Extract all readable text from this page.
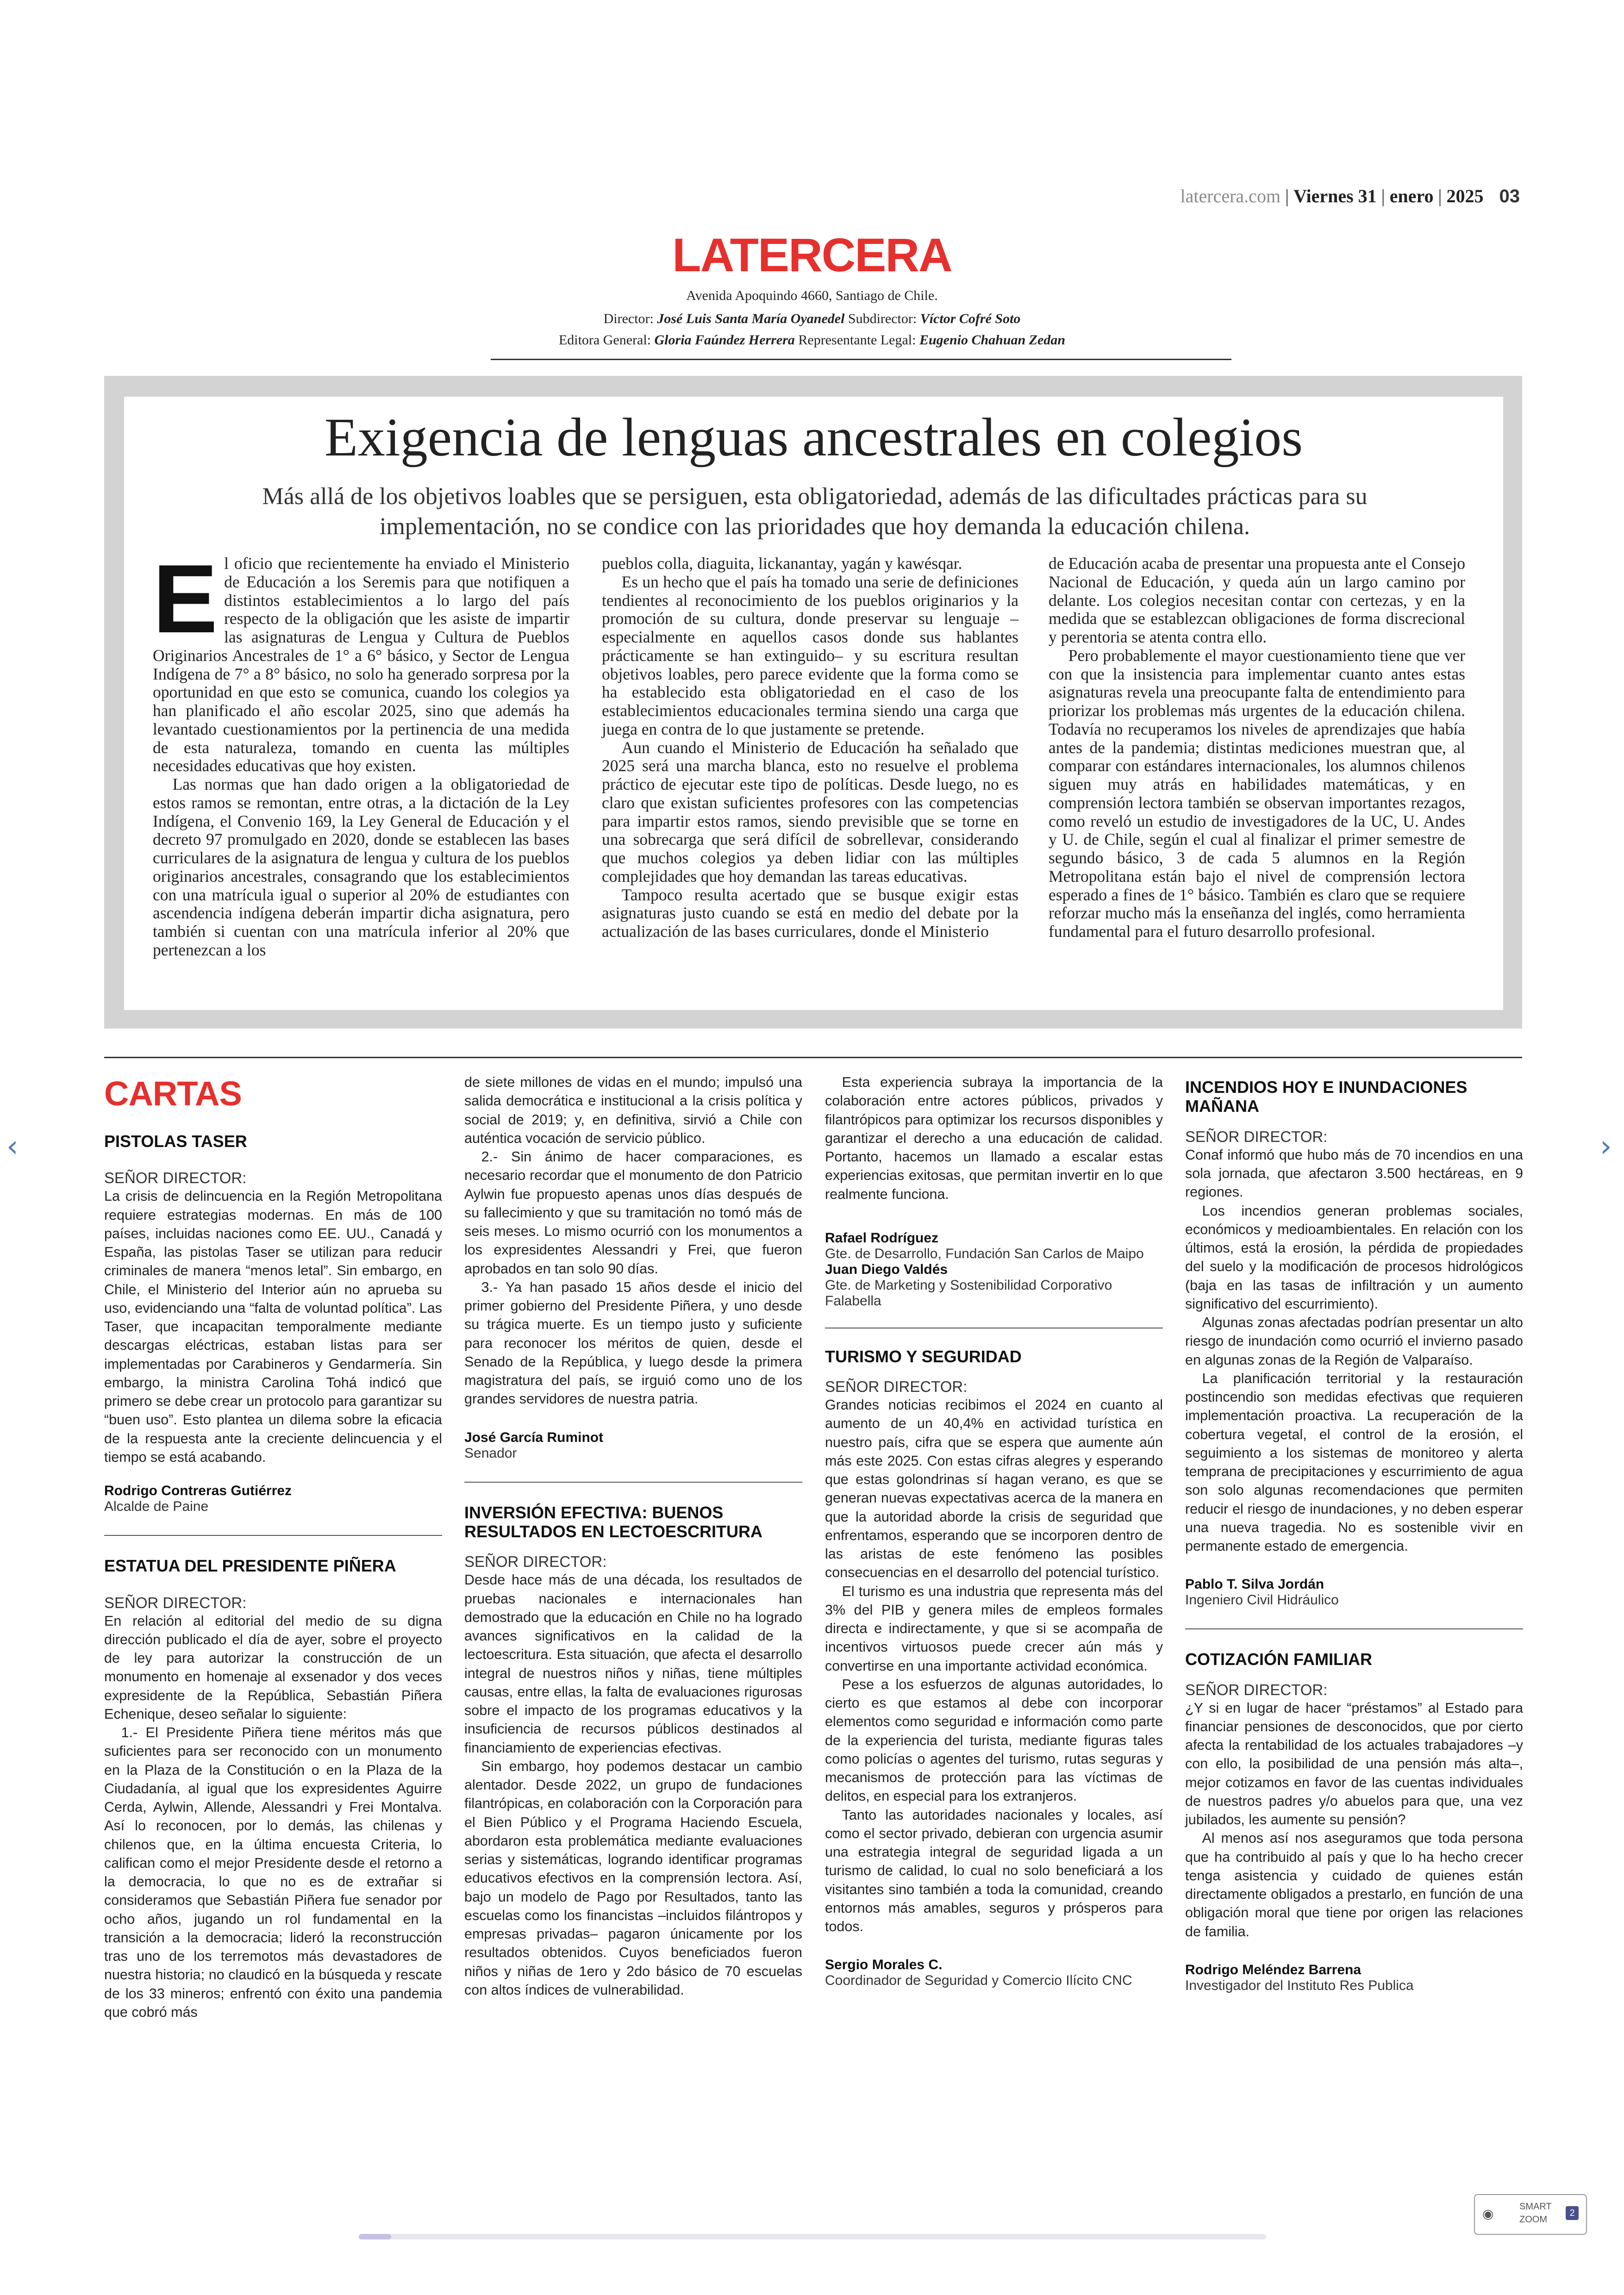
latercera.com | Viernes 31 | enero | 2025 03
LATERCERA
Avenida Apoquindo 4660, Santiago de Chile.
Director: José Luis Santa María Oyanedel Subdirector: Víctor Cofré Soto
Editora General: Gloria Faúndez Herrera Representante Legal: Eugenio Chahuan Zedan
Exigencia de lenguas ancestrales en colegios
Más allá de los objetivos loables que se persiguen, esta obligatoriedad, además de las dificultades prácticas para su implementación, no se condice con las prioridades que hoy demanda la educación chilena.

El oficio que recientemente ha enviado el Ministerio de Educación a los Seremis para que notifiquen a distintos establecimientos a lo largo del país respecto de la obligación que les asiste de impartir las asignaturas de Lengua y Cultura de Pueblos Originarios Ancestrales de 1° a 6° básico, y Sector de Lengua Indígena de 7° a 8° básico, no solo ha generado sorpresa por la oportunidad en que esto se comunica, cuando los colegios ya han planificado el año escolar 2025, sino que además ha levantado cuestionamientos por la pertinencia de una medida de esta naturaleza, tomando en cuenta las múltiples necesidades educativas que hoy existen.

Las normas que han dado origen a la obligatoriedad de estos ramos se remontan, entre otras, a la dictación de la Ley Indígena, el Convenio 169, la Ley General de Educación y el decreto 97 promulgado en 2020, donde se establecen las bases curriculares de la asignatura de lengua y cultura de los pueblos originarios ancestrales, consagrando que los establecimientos con una matrícula igual o superior al 20% de estudiantes con ascendencia indígena deberán impartir dicha asignatura, pero también si cuentan con una matrícula inferior al 20% que pertenezcan a los

pueblos colla, diaguita, lickanantay, yagán y kawésqar.

Es un hecho que el país ha tomado una serie de definiciones tendientes al reconocimiento de los pueblos originarios y la promoción de su cultura, donde preservar su lenguaje –especialmente en aquellos casos donde sus hablantes prácticamente se han extinguido– y su escritura resultan objetivos loables, pero parece evidente que la forma como se ha establecido esta obligatoriedad en el caso de los establecimientos educacionales termina siendo una carga que juega en contra de lo que justamente se pretende.

Aun cuando el Ministerio de Educación ha señalado que 2025 será una marcha blanca, esto no resuelve el problema práctico de ejecutar este tipo de políticas. Desde luego, no es claro que existan suficientes profesores con las competencias para impartir estos ramos, siendo previsible que se torne en una sobrecarga que será difícil de sobrellevar, considerando que muchos colegios ya deben lidiar con las múltiples complejidades que hoy demandan las tareas educativas.

Tampoco resulta acertado que se busque exigir estas asignaturas justo cuando se está en medio del debate por la actualización de las bases curriculares, donde el Ministerio

de Educación acaba de presentar una propuesta ante el Consejo Nacional de Educación, y queda aún un largo camino por delante. Los colegios necesitan contar con certezas, y en la medida que se establezcan obligaciones de forma discrecional y perentoria se atenta contra ello.

Pero probablemente el mayor cuestionamiento tiene que ver con que la insistencia para implementar cuanto antes estas asignaturas revela una preocupante falta de entendimiento para priorizar los problemas más urgentes de la educación chilena. Todavía no recuperamos los niveles de aprendizajes que había antes de la pandemia; distintas mediciones muestran que, al comparar con estándares internacionales, los alumnos chilenos siguen muy atrás en habilidades matemáticas, y en comprensión lectora también se observan importantes rezagos, como reveló un estudio de investigadores de la UC, U. Andes y U. de Chile, según el cual al finalizar el primer semestre de segundo básico, 3 de cada 5 alumnos en la Región Metropolitana están bajo el nivel de comprensión lectora esperado a fines de 1° básico. También es claro que se requiere reforzar mucho más la enseñanza del inglés, como herramienta fundamental para el futuro desarrollo profesional.

CARTAS
PISTOLAS TASER
SEÑOR DIRECTOR:

La crisis de delincuencia en la Región Metropolitana requiere estrategias modernas. En más de 100 países, incluidas naciones como EE. UU., Canadá y España, las pistolas Taser se utilizan para reducir criminales de manera “menos letal”. Sin embargo, en Chile, el Ministerio del Interior aún no aprueba su uso, evidenciando una “falta de voluntad política”. Las Taser, que incapacitan temporalmente mediante descargas eléctricas, estaban listas para ser implementadas por Carabineros y Gendarmería. Sin embargo, la ministra Carolina Tohá indicó que primero se debe crear un protocolo para garantizar su “buen uso”. Esto plantea un dilema sobre la eficacia de la respuesta ante la creciente delincuencia y el tiempo se está acabando.

Rodrigo Contreras Gutiérrez
Alcalde de Paine
ESTATUA DEL PRESIDENTE PIÑERA
SEÑOR DIRECTOR:

En relación al editorial del medio de su digna dirección publicado el día de ayer, sobre el proyecto de ley para autorizar la construcción de un monumento en homenaje al exsenador y dos veces expresidente de la República, Sebastián Piñera Echenique, deseo señalar lo siguiente:

1.- El Presidente Piñera tiene méritos más que suficientes para ser reconocido con un monumento en la Plaza de la Constitución o en la Plaza de la Ciudadanía, al igual que los expresidentes Aguirre Cerda, Aylwin, Allende, Alessandri y Frei Montalva. Así lo reconocen, por lo demás, las chilenas y chilenos que, en la última encuesta Criteria, lo califican como el mejor Presidente desde el retorno a la democracia, lo que no es de extrañar si consideramos que Sebastián Piñera fue senador por ocho años, jugando un rol fundamental en la transición a la democracia; lideró la reconstrucción tras uno de los terremotos más devastadores de nuestra historia; no claudicó en la búsqueda y rescate de los 33 mineros; enfrentó con éxito una pandemia que cobró más

de siete millones de vidas en el mundo; impulsó una salida democrática e institucional a la crisis política y social de 2019; y, en definitiva, sirvió a Chile con auténtica vocación de servicio público.

2.- Sin ánimo de hacer comparaciones, es necesario recordar que el monumento de don Patricio Aylwin fue propuesto apenas unos días después de su fallecimiento y que su tramitación no tomó más de seis meses. Lo mismo ocurrió con los monumentos a los expresidentes Alessandri y Frei, que fueron aprobados en tan solo 90 días.

3.- Ya han pasado 15 años desde el inicio del primer gobierno del Presidente Piñera, y uno desde su trágica muerte. Es un tiempo justo y suficiente para reconocer los méritos de quien, desde el Senado de la República, y luego desde la primera magistratura del país, se irguió como uno de los grandes servidores de nuestra patria.

José García Ruminot
Senador
INVERSIÓN EFECTIVA: BUENOS RESULTADOS EN LECTOESCRITURA
SEÑOR DIRECTOR:

Desde hace más de una década, los resultados de pruebas nacionales e internacionales han demostrado que la educación en Chile no ha logrado avances significativos en la calidad de la lectoescritura. Esta situación, que afecta el desarrollo integral de nuestros niños y niñas, tiene múltiples causas, entre ellas, la falta de evaluaciones rigurosas sobre el impacto de los programas educativos y la insuficiencia de recursos públicos destinados al financiamiento de experiencias efectivas.

Sin embargo, hoy podemos destacar un cambio alentador. Desde 2022, un grupo de fundaciones filantrópicas, en colaboración con la Corporación para el Bien Público y el Programa Haciendo Escuela, abordaron esta problemática mediante evaluaciones serias y sistemáticas, logrando identificar programas educativos efectivos en la comprensión lectora. Así, bajo un modelo de Pago por Resultados, tanto las escuelas como los financistas –incluidos filántropos y empresas privadas– pagaron únicamente por los resultados obtenidos. Cuyos beneficiados fueron niños y niñas de 1ero y 2do básico de 70 escuelas con altos índices de vulnerabilidad.

Esta experiencia subraya la importancia de la colaboración entre actores públicos, privados y filantrópicos para optimizar los recursos disponibles y garantizar el derecho a una educación de calidad. Portanto, hacemos un llamado a escalar estas experiencias exitosas, que permitan invertir en lo que realmente funciona.

Rafael Rodríguez
Gte. de Desarrollo, Fundación San Carlos de Maipo
Juan Diego Valdés
Gte. de Marketing y Sostenibilidad Corporativo Falabella
TURISMO Y SEGURIDAD
SEÑOR DIRECTOR:

Grandes noticias recibimos el 2024 en cuanto al aumento de un 40,4% en actividad turística en nuestro país, cifra que se espera que aumente aún más este 2025. Con estas cifras alegres y esperando que estas golondrinas sí hagan verano, es que se generan nuevas expectativas acerca de la manera en que la autoridad aborde la crisis de seguridad que enfrentamos, esperando que se incorporen dentro de las aristas de este fenómeno las posibles consecuencias en el desarrollo del potencial turístico.

El turismo es una industria que representa más del 3% del PIB y genera miles de empleos formales directa e indirectamente, y que si se acompaña de incentivos virtuosos puede crecer aún más y convertirse en una importante actividad económica.

Pese a los esfuerzos de algunas autoridades, lo cierto es que estamos al debe con incorporar elementos como seguridad e información como parte de la experiencia del turista, mediante figuras tales como policías o agentes del turismo, rutas seguras y mecanismos de protección para las víctimas de delitos, en especial para los extranjeros.

Tanto las autoridades nacionales y locales, así como el sector privado, debieran con urgencia asumir una estrategia integral de seguridad ligada a un turismo de calidad, lo cual no solo beneficiará a los visitantes sino también a toda la comunidad, creando entornos más amables, seguros y prósperos para todos.

Sergio Morales C.
Coordinador de Seguridad y Comercio Ilícito CNC
INCENDIOS HOY E INUNDACIONES MAÑANA
SEÑOR DIRECTOR:

Conaf informó que hubo más de 70 incendios en una sola jornada, que afectaron 3.500 hectáreas, en 9 regiones.

Los incendios generan problemas sociales, económicos y medioambientales. En relación con los últimos, está la erosión, la pérdida de propiedades del suelo y la modificación de procesos hidrológicos (baja en las tasas de infiltración y un aumento significativo del escurrimiento).

Algunas zonas afectadas podrían presentar un alto riesgo de inundación como ocurrió el invierno pasado en algunas zonas de la Región de Valparaíso.

La planificación territorial y la restauración postincendio son medidas efectivas que requieren implementación proactiva. La recuperación de la cobertura vegetal, el control de la erosión, el seguimiento a los sistemas de monitoreo y alerta temprana de precipitaciones y escurrimiento de agua son solo algunas recomendaciones que permiten reducir el riesgo de inundaciones, y no deben esperar una nueva tragedia. No es sostenible vivir en permanente estado de emergencia.

Pablo T. Silva Jordán
Ingeniero Civil Hidráulico
COTIZACIÓN FAMILIAR
SEÑOR DIRECTOR:

¿Y si en lugar de hacer “préstamos” al Estado para financiar pensiones de desconocidos, que por cierto afecta la rentabilidad de los actuales trabajadores –y con ello, la posibilidad de una pensión más alta–, mejor cotizamos en favor de las cuentas individuales de nuestros padres y/o abuelos para que, una vez jubilados, les aumente su pensión?

Al menos así nos aseguramos que toda persona que ha contribuido al país y que lo ha hecho crecer tenga asistencia y cuidado de quienes están directamente obligados a prestarlo, en función de una obligación moral que tiene por origen las relaciones de familia.

Rodrigo Meléndez Barrena
Investigador del Instituto Res Publica
‹	›
◉	SMART
ZOOM
2
